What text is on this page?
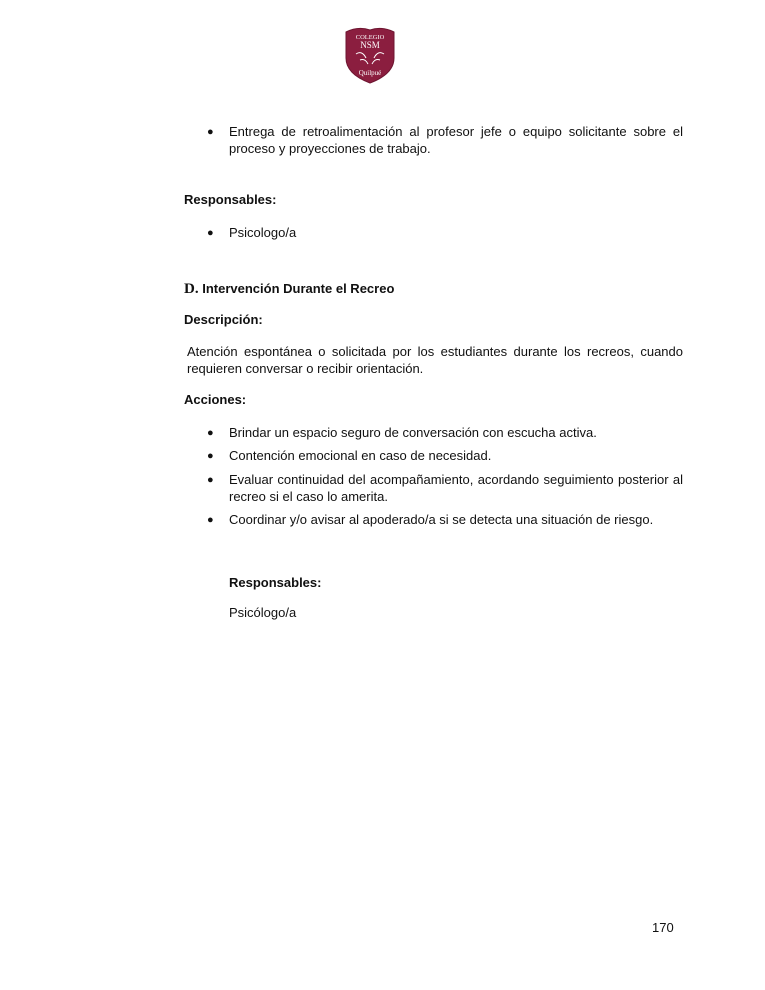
COLEGIO
NSM
Quilpué
● Entrega de retroalimentación al profesor jefe o equipo solicitante sobre el proceso y proyecciones de trabajo.

Responsables:

● Psicologo/a

D. Intervención Durante el Recreo

Descripción:

Atención espontánea o solicitada por los estudiantes durante los recreos, cuando requieren conversar o recibir orientación.

Acciones:

● Brindar un espacio seguro de conversación con escucha activa.

● Contención emocional en caso de necesidad.

● Evaluar continuidad del acompañamiento, acordando seguimiento posterior al recreo si el caso lo amerita.

● Coordinar y/o avisar al apoderado/a si se detecta una situación de riesgo.

Responsables:

Psicólogo/a

170
